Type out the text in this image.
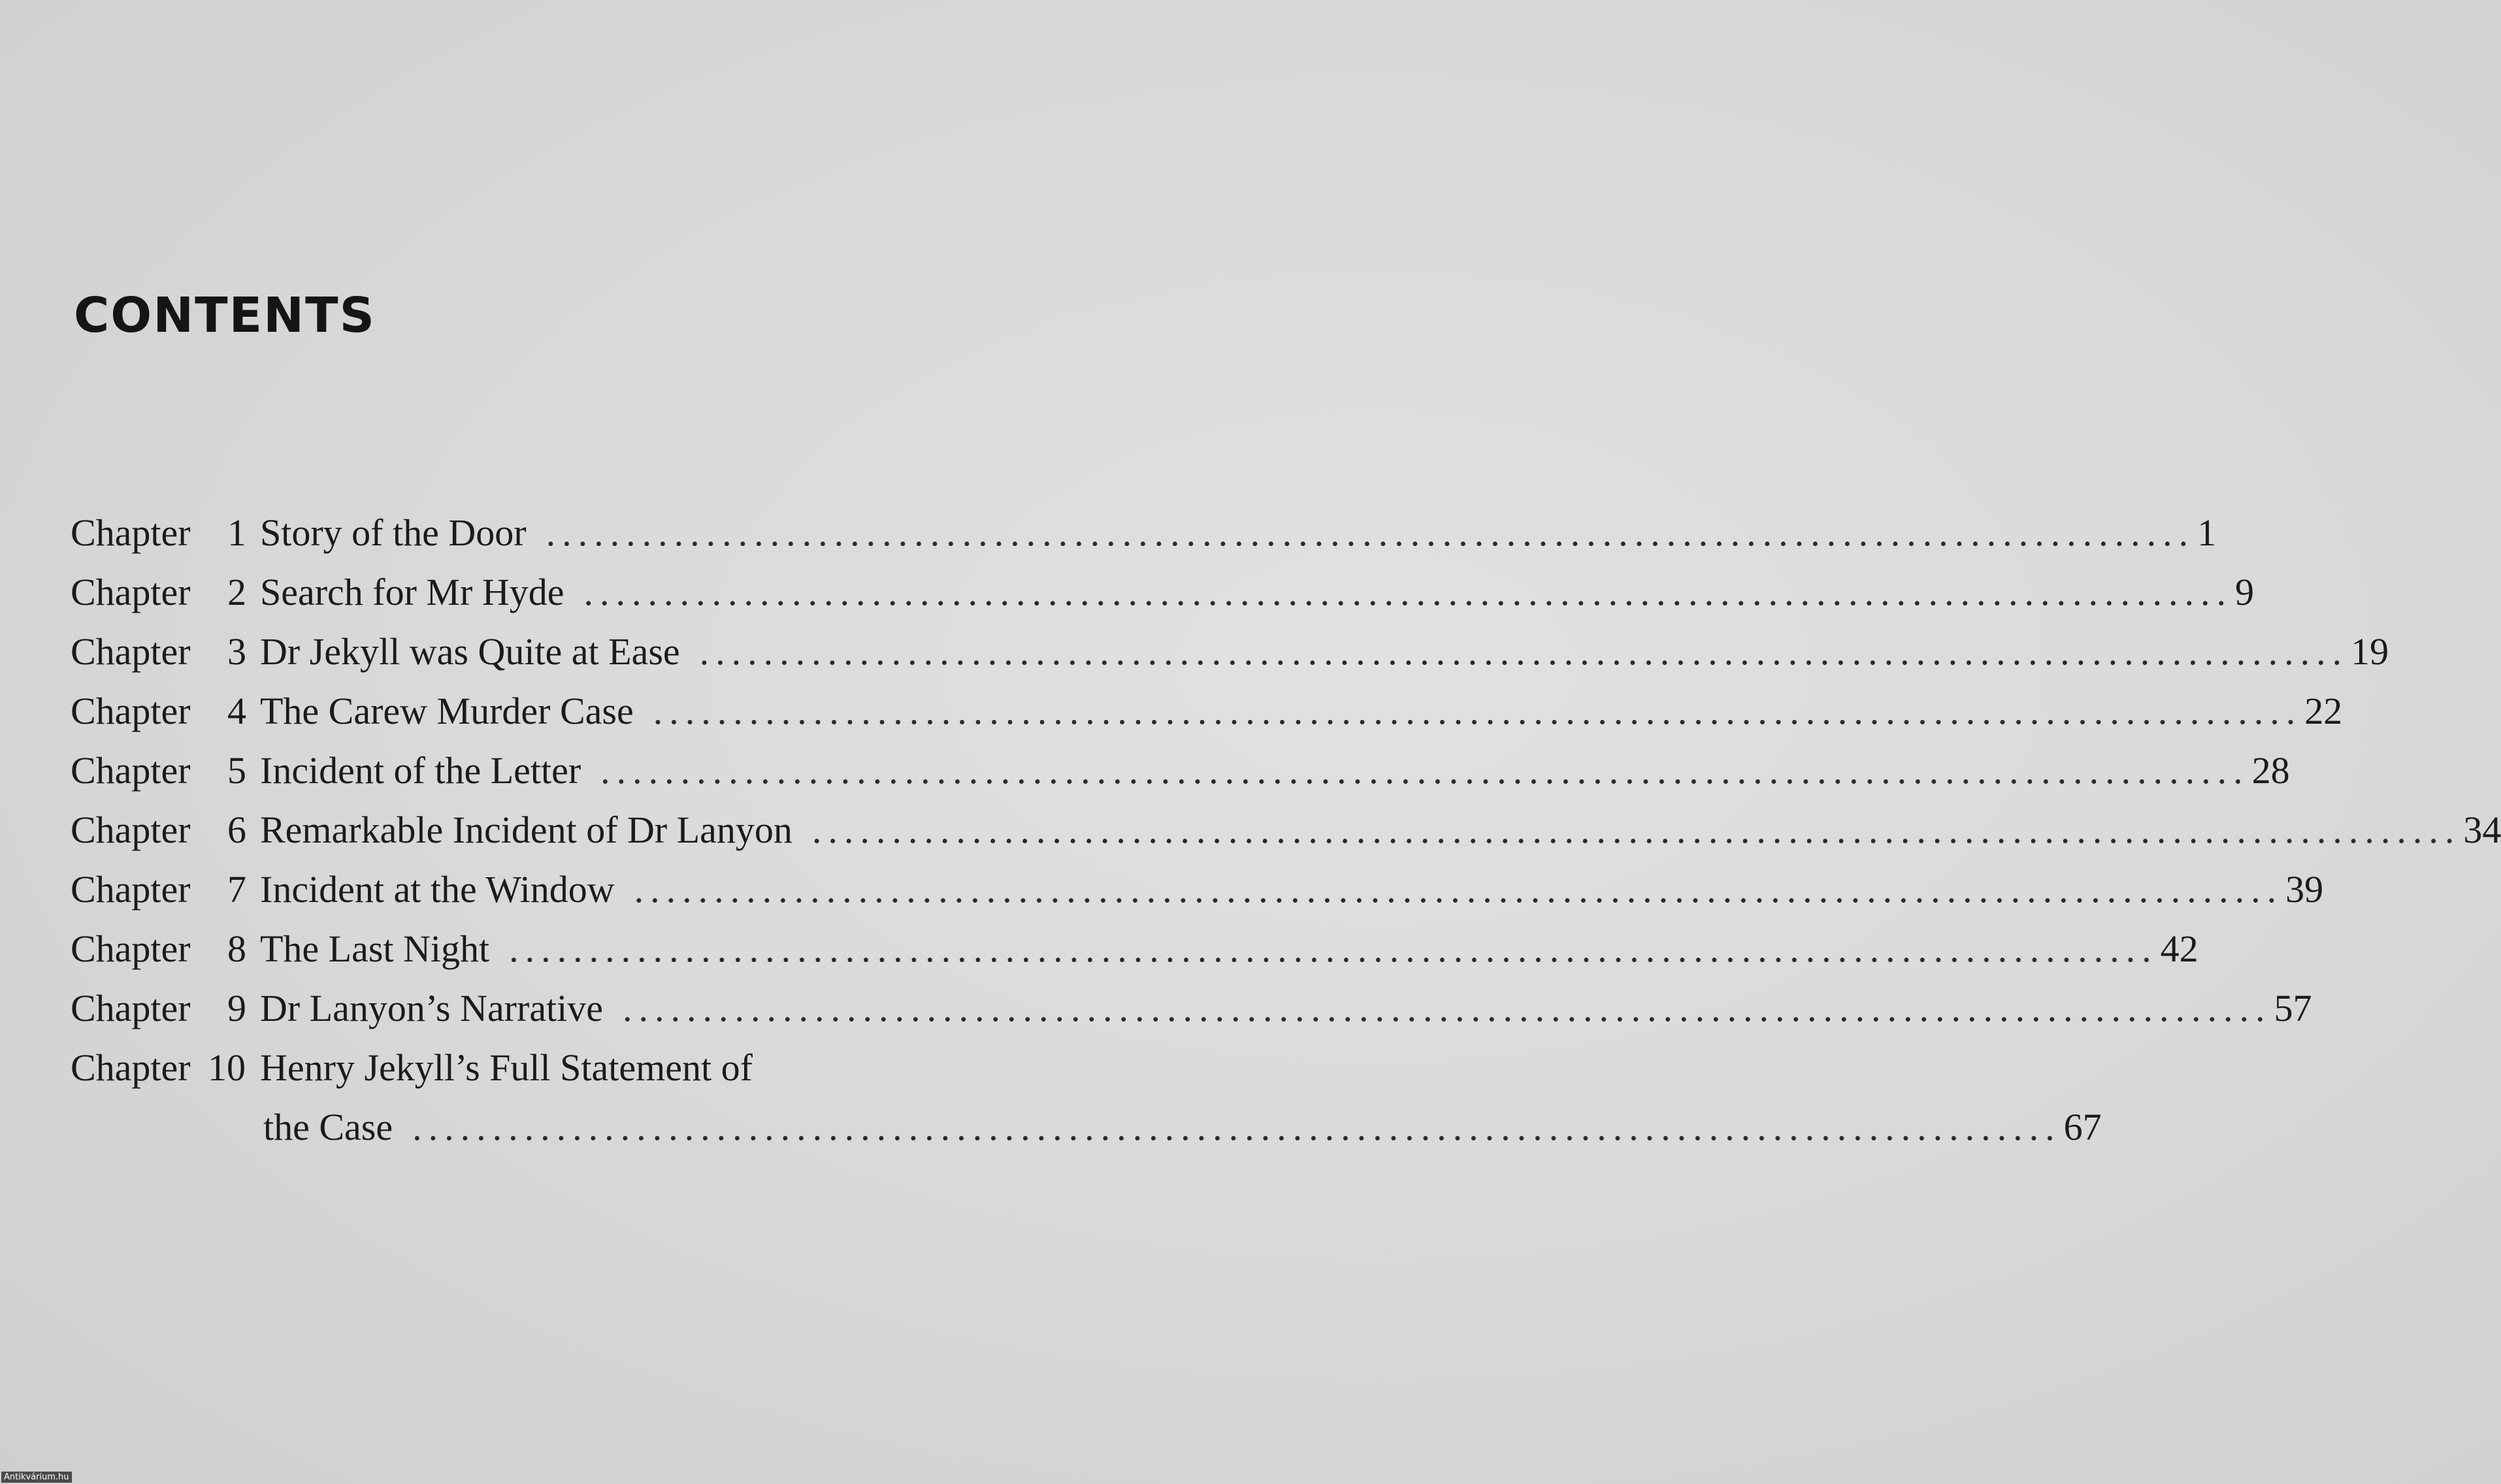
CONTENTS
Chapter 1 Story of the Door ....................................................................................................... 1
Chapter 2 Search for Mr Hyde ....................................................................................................... 9
Chapter 3 Dr Jekyll was Quite at Ease ....................................................................................................... 19
Chapter 4 The Carew Murder Case ....................................................................................................... 22
Chapter 5 Incident of the Letter ....................................................................................................... 28
Chapter 6 Remarkable Incident of Dr Lanyon ....................................................................................................... 34
Chapter 7 Incident at the Window ....................................................................................................... 39
Chapter 8 The Last Night ....................................................................................................... 42
Chapter 9 Dr Lanyon’s Narrative ....................................................................................................... 57
Chapter 10 Henry Jekyll’s Full Statement of
the Case ....................................................................................................... 67
Antikvárium.hu
